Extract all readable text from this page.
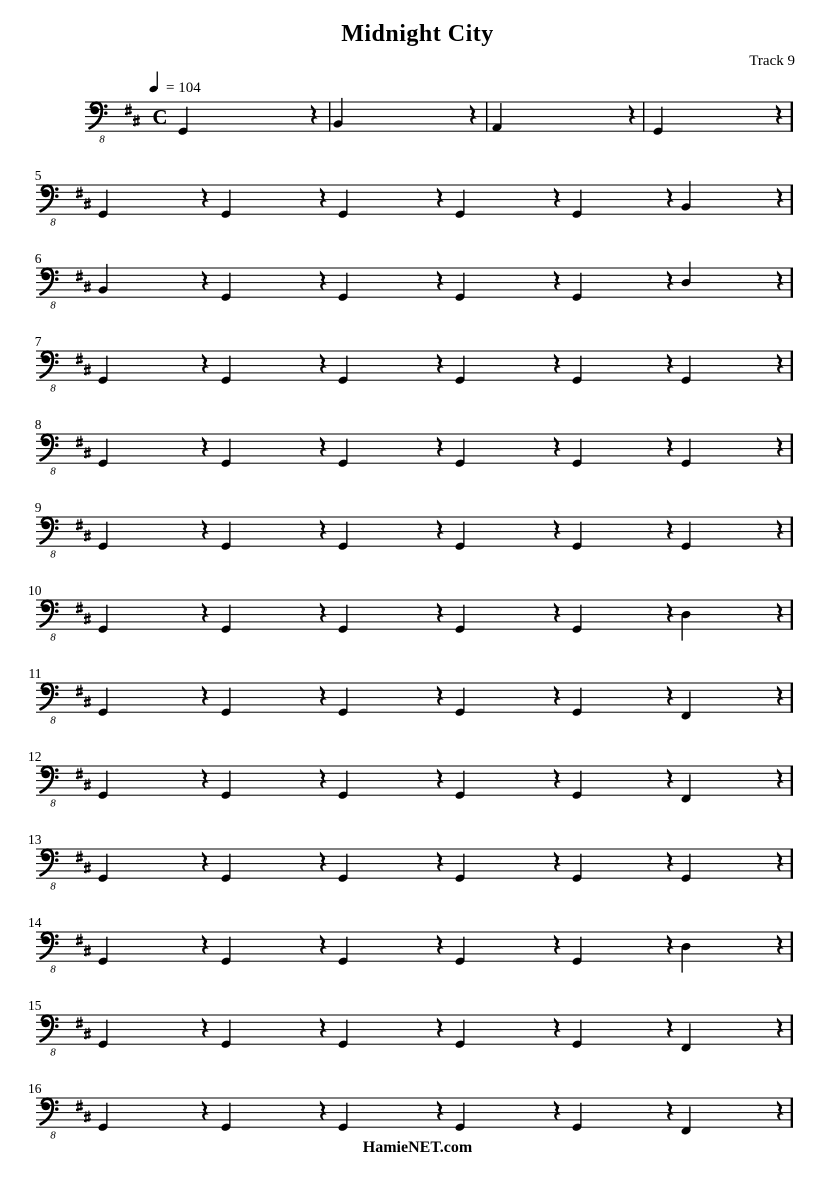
Midnight City
Track 9
= 104
8
C
5
8
6
8
7
8
8
8
9
8
10
8
11
8
12
8
13
8
14
8
15
8
16
8
HamieNET.com
